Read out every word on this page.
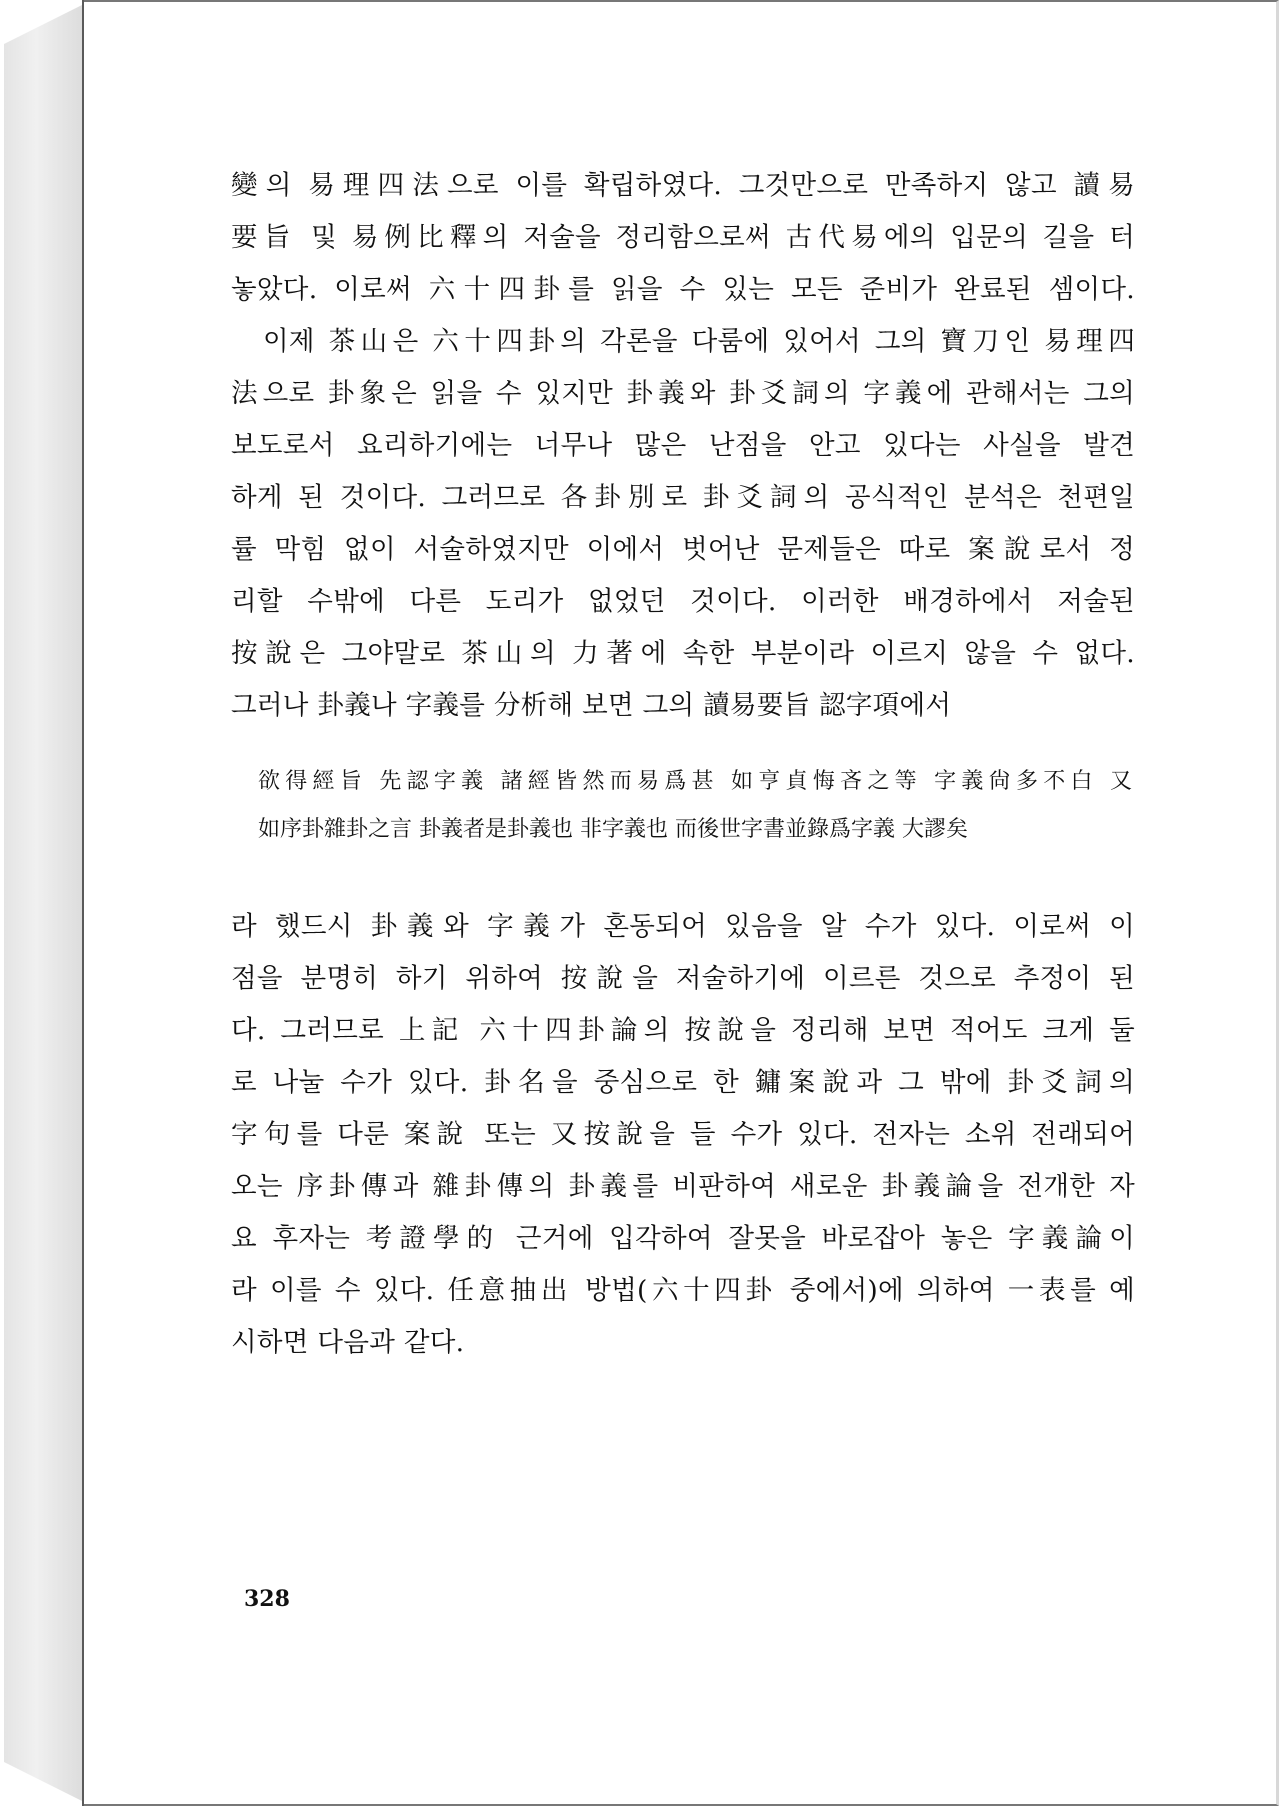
變의 易理四法으로 이를 확립하였다. 그것만으로 만족하지 않고 讀易
要旨 및 易例比釋의 저술을 정리함으로써 古代易에의 입문의 길을 터
놓았다. 이로써 六十四卦를 읽을 수 있는 모든 준비가 완료된 셈이다.
이제 茶山은 六十四卦의 각론을 다룸에 있어서 그의 寶刀인 易理四
法으로 卦象은 읽을 수 있지만 卦義와 卦爻詞의 字義에 관해서는 그의
보도로서 요리하기에는 너무나 많은 난점을 안고 있다는 사실을 발견
하게 된 것이다. 그러므로 各卦別로 卦爻詞의 공식적인 분석은 천편일
률 막힘 없이 서술하였지만 이에서 벗어난 문제들은 따로 案說로서 정
리할 수밖에 다른 도리가 없었던 것이다. 이러한 배경하에서 저술된
按說은 그야말로 茶山의 力著에 속한 부분이라 이르지 않을 수 없다.
그러나 卦義나 字義를 分析해 보면 그의 讀易要旨 認字項에서
欲得經旨 先認字義 諸經皆然而易爲甚 如亨貞悔吝之等 字義尙多不白 又
如序卦雜卦之言 卦義者是卦義也 非字義也 而後世字書並錄爲字義 大謬矣
라 했드시 卦義와 字義가 혼동되어 있음을 알 수가 있다. 이로써 이
점을 분명히 하기 위하여 按說을 저술하기에 이르른 것으로 추정이 된
다. 그러므로 上記 六十四卦論의 按說을 정리해 보면 적어도 크게 둘
로 나눌 수가 있다. 卦名을 중심으로 한 鏞案說과 그 밖에 卦爻詞의
字句를 다룬 案說 또는 又按說을 들 수가 있다. 전자는 소위 전래되어
오는 序卦傳과 雜卦傳의 卦義를 비판하여 새로운 卦義論을 전개한 자
요 후자는 考證學的 근거에 입각하여 잘못을 바로잡아 놓은 字義論이
라 이를 수 있다. 任意抽出 방법(六十四卦 중에서)에 의하여 一表를 예
시하면 다음과 같다.
328
